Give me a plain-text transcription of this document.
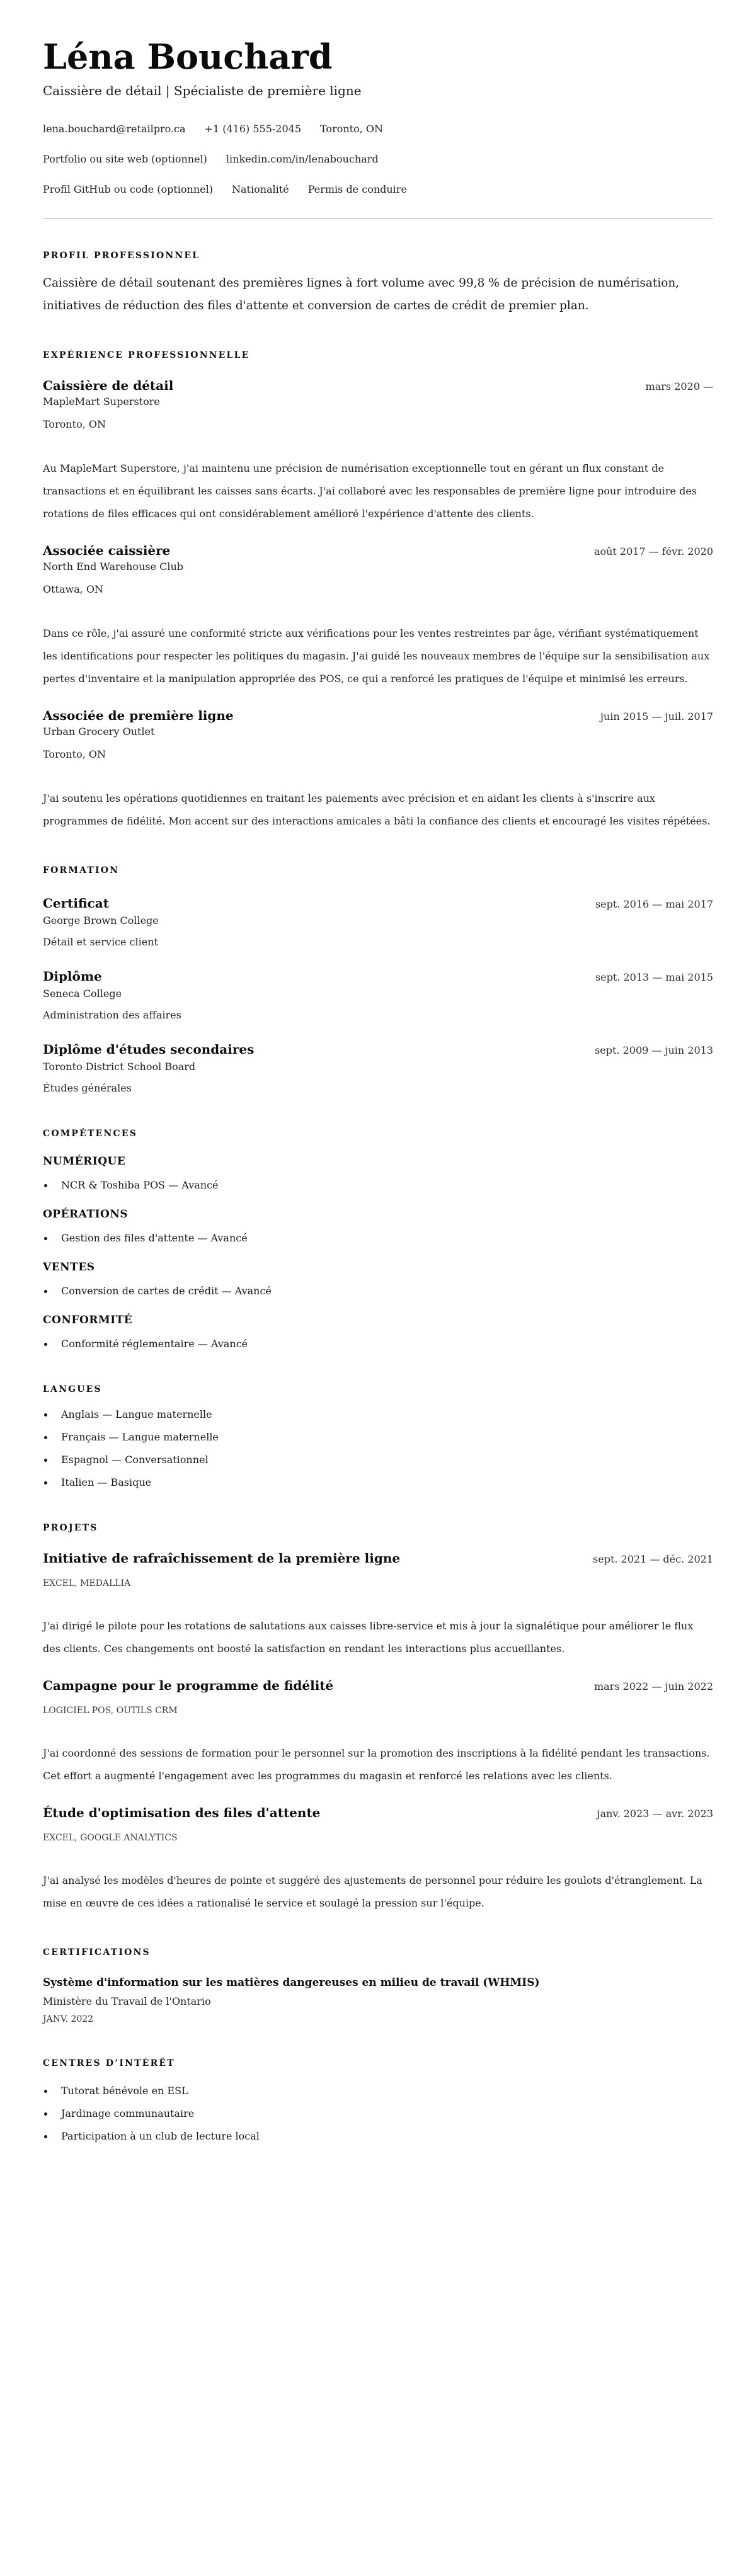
Léna Bouchard
Caissière de détail | Spécialiste de première ligne
lena.bouchard@retailpro.ca +1 (416) 555-2045 Toronto, ON
Portfolio ou site web (optionnel) linkedin.com/in/lenabouchard
Profil GitHub ou code (optionnel) Nationalité Permis de conduire
PROFIL PROFESSIONNEL

Caissière de détail soutenant des premières lignes à fort volume avec 99,8 % de précision de numérisation, initiatives de réduction des files d'attente et conversion de cartes de crédit de premier plan.

EXPÉRIENCE PROFESSIONNELLE
Caissière de détail	mars 2020 —
MapleMart Superstore
Toronto, ON

Au MapleMart Superstore, j'ai maintenu une précision de numérisation exceptionnelle tout en gérant un flux constant de transactions et en équilibrant les caisses sans écarts. J'ai collaboré avec les responsables de première ligne pour introduire des rotations de files efficaces qui ont considérablement amélioré l'expérience d'attente des clients.

Associée caissière	août 2017 — févr. 2020
North End Warehouse Club
Ottawa, ON

Dans ce rôle, j'ai assuré une conformité stricte aux vérifications pour les ventes restreintes par âge, vérifiant systématiquement les identifications pour respecter les politiques du magasin. J'ai guidé les nouveaux membres de l'équipe sur la sensibilisation aux pertes d'inventaire et la manipulation appropriée des POS, ce qui a renforcé les pratiques de l'équipe et minimisé les erreurs.

Associée de première ligne	juin 2015 — juil. 2017
Urban Grocery Outlet
Toronto, ON

J'ai soutenu les opérations quotidiennes en traitant les paiements avec précision et en aidant les clients à s'inscrire aux programmes de fidélité. Mon accent sur des interactions amicales a bâti la confiance des clients et encouragé les visites répétées.

FORMATION
Certificat	sept. 2016 — mai 2017
George Brown College
Détail et service client
Diplôme	sept. 2013 — mai 2015
Seneca College
Administration des affaires
Diplôme d'études secondaires	sept. 2009 — juin 2013
Toronto District School Board
Études générales
COMPÉTENCES
NUMÉRIQUE
NCR & Toshiba POS — Avancé
OPÉRATIONS
Gestion des files d'attente — Avancé
VENTES
Conversion de cartes de crédit — Avancé
CONFORMITÉ
Conformité réglementaire — Avancé
LANGUES
Anglais — Langue maternelle
Français — Langue maternelle
Espagnol — Conversationnel
Italien — Basique
PROJETS
Initiative de rafraîchissement de la première ligne	sept. 2021 — déc. 2021
EXCEL, MEDALLIA

J'ai dirigé le pilote pour les rotations de salutations aux caisses libre-service et mis à jour la signalétique pour améliorer le flux des clients. Ces changements ont boosté la satisfaction en rendant les interactions plus accueillantes.

Campagne pour le programme de fidélité	mars 2022 — juin 2022
LOGICIEL POS, OUTILS CRM

J'ai coordonné des sessions de formation pour le personnel sur la promotion des inscriptions à la fidélité pendant les transactions. Cet effort a augmenté l'engagement avec les programmes du magasin et renforcé les relations avec les clients.

Étude d'optimisation des files d'attente	janv. 2023 — avr. 2023
EXCEL, GOOGLE ANALYTICS

J'ai analysé les modèles d'heures de pointe et suggéré des ajustements de personnel pour réduire les goulots d'étranglement. La mise en œuvre de ces idées a rationalisé le service et soulagé la pression sur l'équipe.

CERTIFICATIONS
Système d'information sur les matières dangereuses en milieu de travail (WHMIS)
Ministère du Travail de l'Ontario
JANV. 2022
CENTRES D’INTÉRÊT
Tutorat bénévole en ESL
Jardinage communautaire
Participation à un club de lecture local
